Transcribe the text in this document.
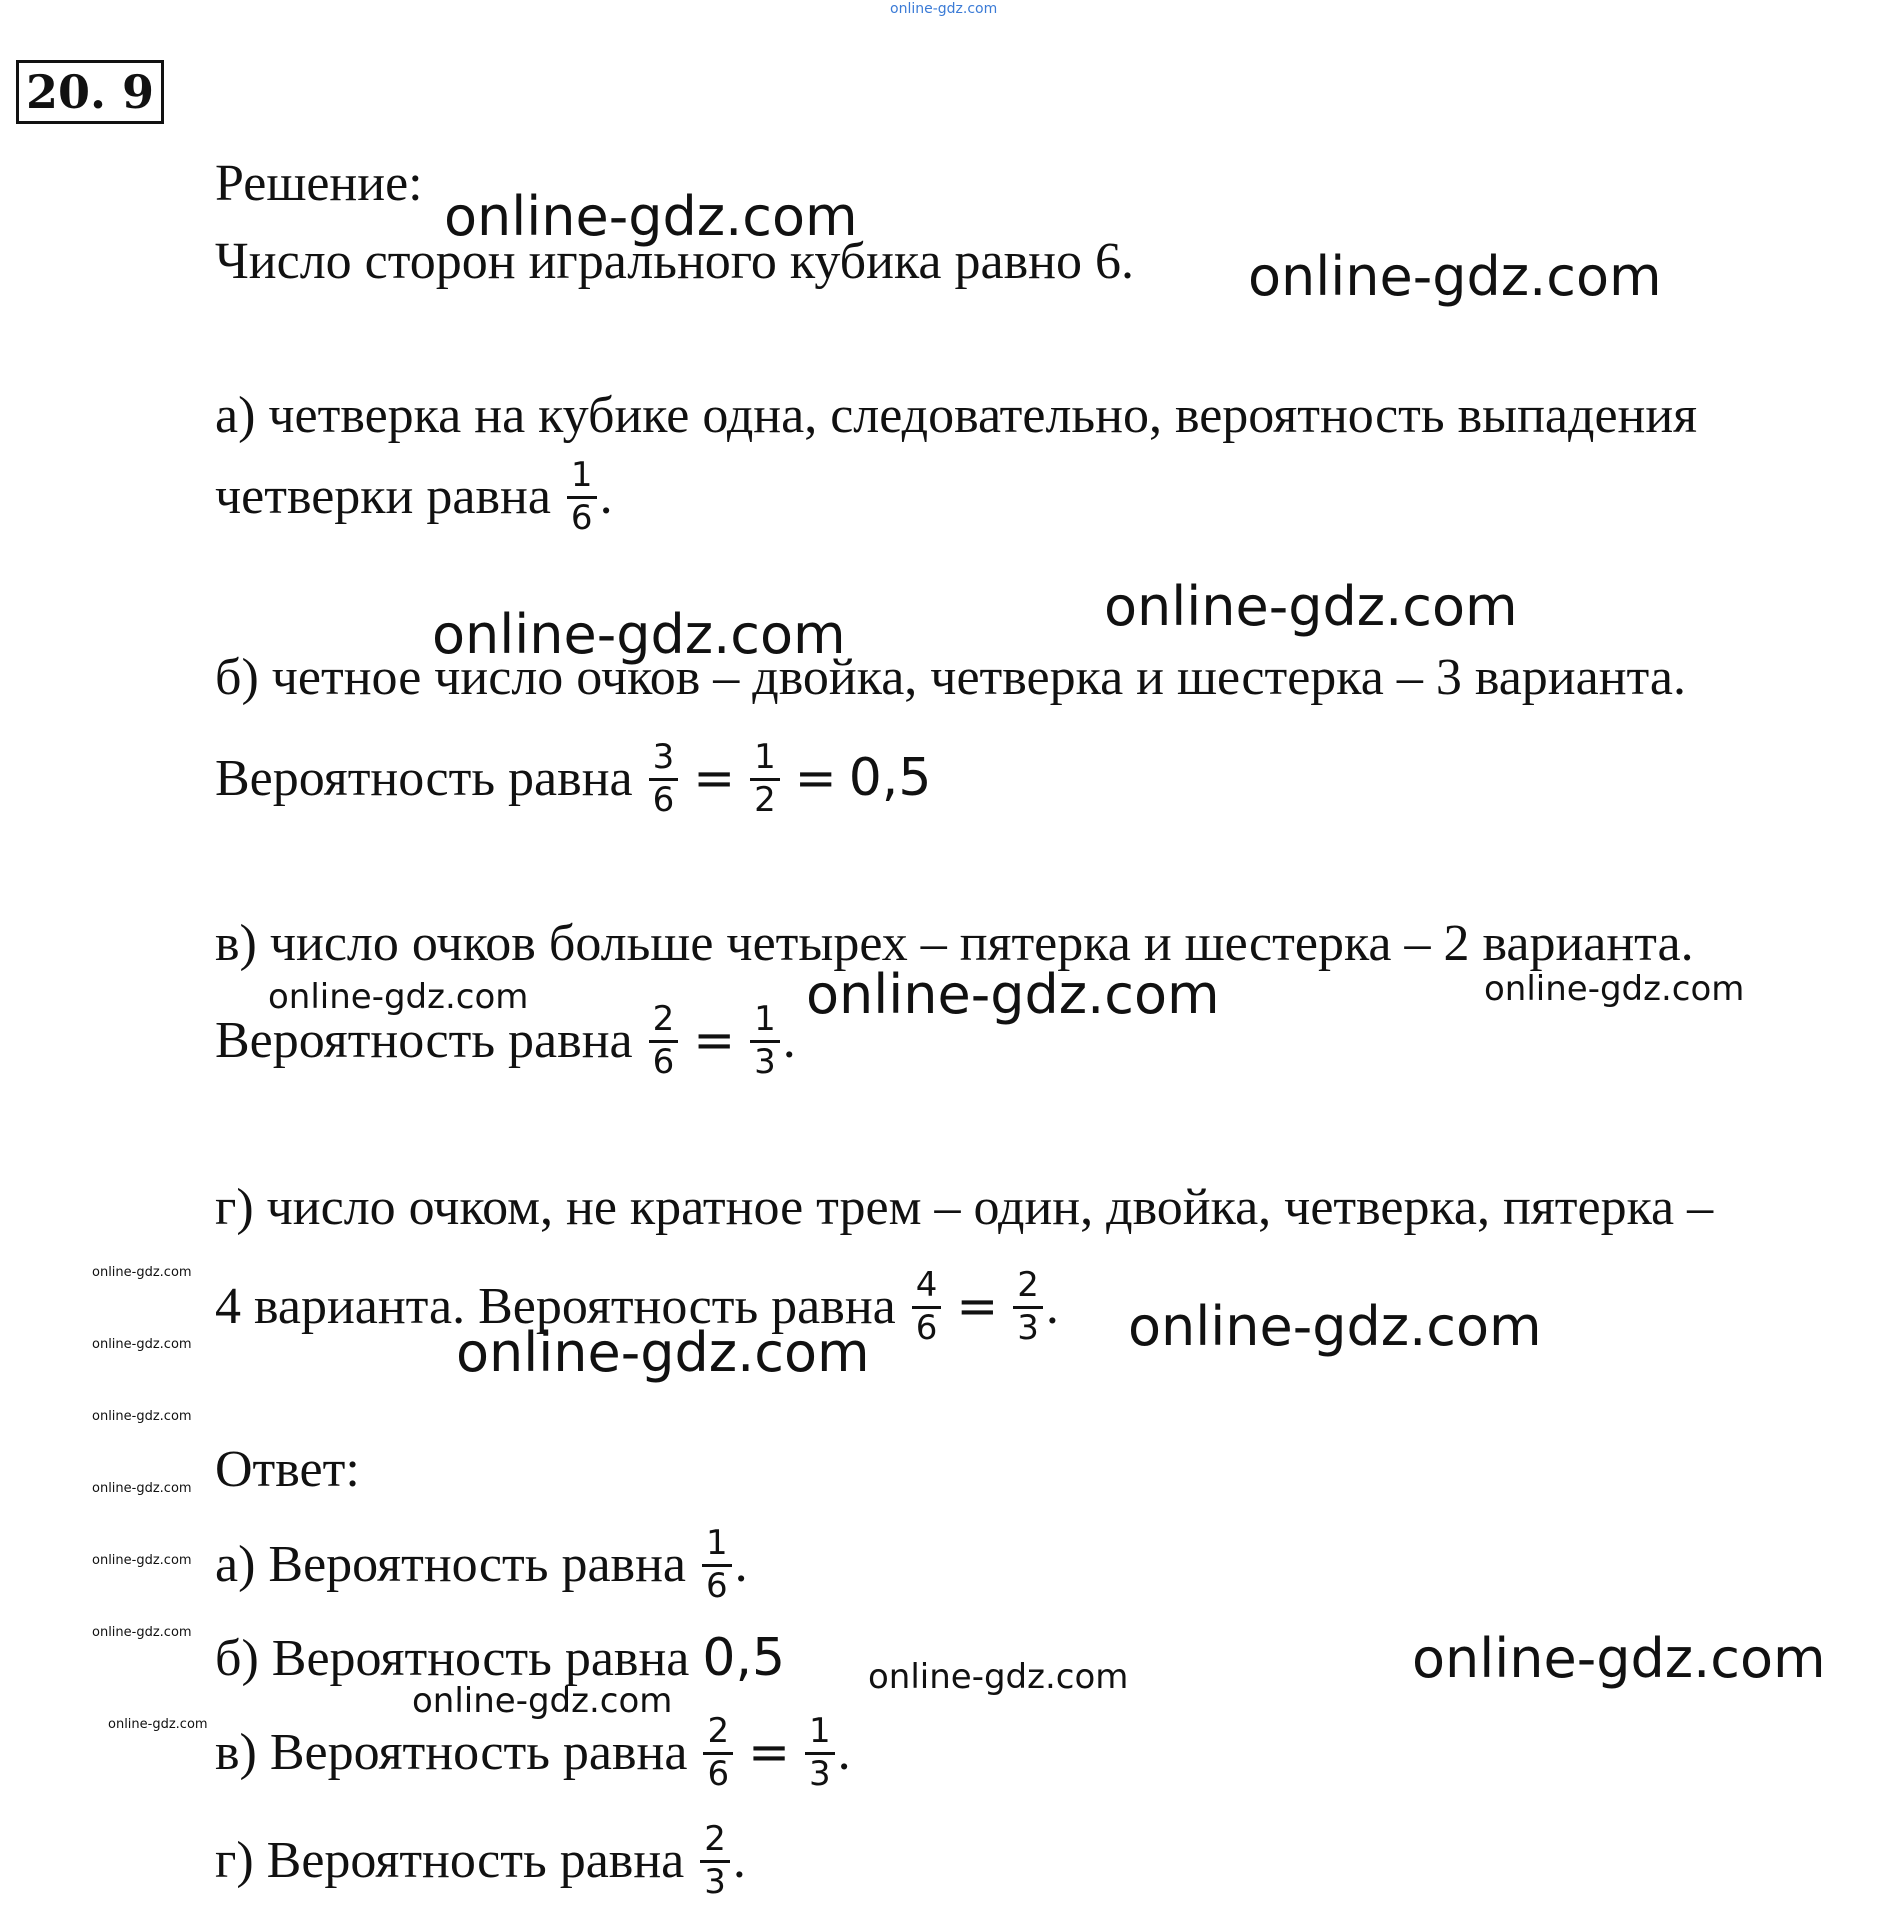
online-gdz.com
20. 9
Решение:
Число сторон игрального кубика равно 6.
а) четверка на кубике одна, следовательно, вероятность выпадения
четверки равна $\frac{1}{6}$ .
б) четное число очков – двойка, четверка и шестерка – 3 варианта.
Вероятность равна $\frac{3}{6} = \frac{1}{2} = 0,5$
в) число очков больше четырех – пятерка и шестерка – 2 варианта.
Вероятность равна $\frac{2}{6} = \frac{1}{3}$ .
г) число очком, не кратное трем – один, двойка, четверка, пятерка –
4 варианта. Вероятность равна $\frac{4}{6} = \frac{2}{3}$ .
Ответ:
а) Вероятность равна $\frac{1}{6}$ .
б) Вероятность равна 0,5
в) Вероятность равна $\frac{2}{6} = \frac{1}{3}$ .
г) Вероятность равна $\frac{2}{3}$ .
online-gdz.com
online-gdz.com
online-gdz.com
online-gdz.com
online-gdz.com	online-gdz.com	online-gdz.com
online-gdz.com
online-gdz.com
online-gdz.com
online-gdz.com
online-gdz.com
online-gdz.com
online-gdz.com
online-gdz.com
online-gdz.com
online-gdz.com
online-gdz.com
online-gdz.com
